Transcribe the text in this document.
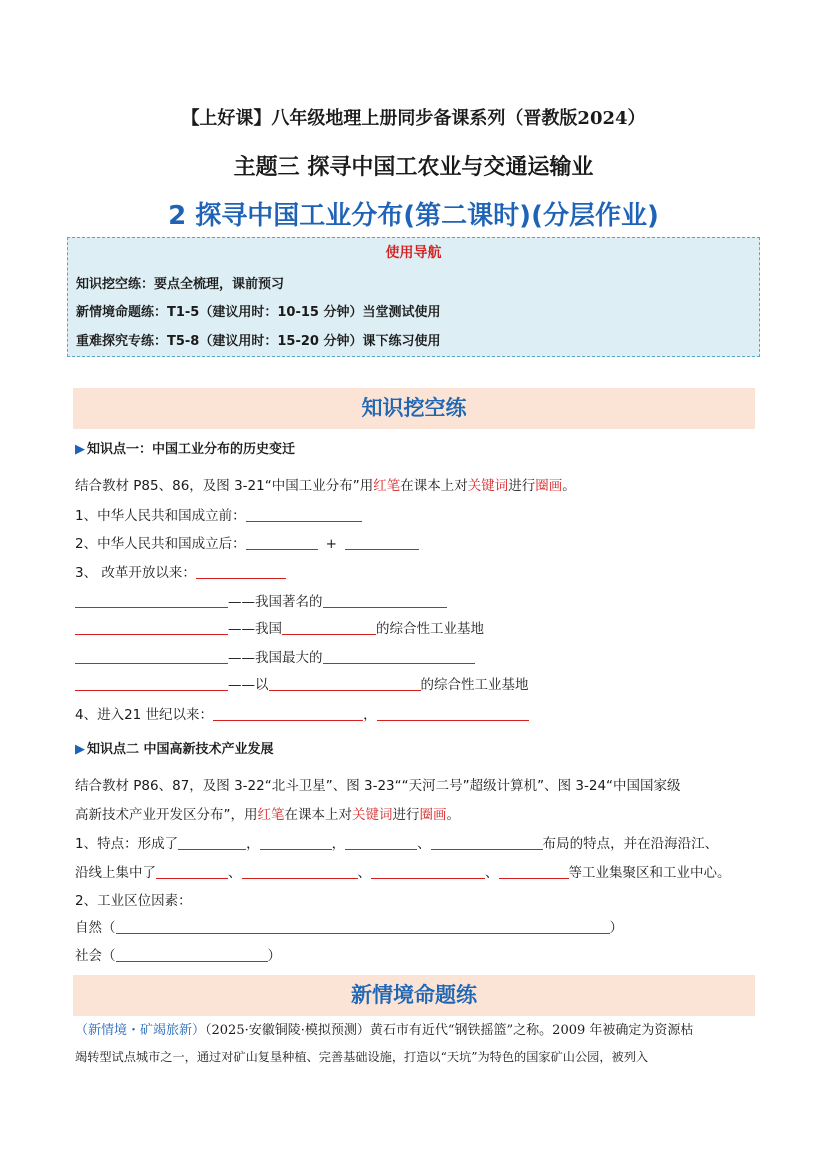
【上好课】八年级地理上册同步备课系列（晋教版2024）
主题三 探寻中国工农业与交通运输业
2 探寻中国工业分布(第二课时)(分层作业)
使用导航
知识挖空练：要点全梳理，课前预习
新情境命题练：T1-5（建议用时：10-15 分钟）当堂测试使用
重难探究专练：T5-8（建议用时：15-20 分钟）课下练习使用
知识挖空练
▶ 知识点一：中国工业分布的历史变迁
结合教材 P85、86，及图 3-21“中国工业分布”用红笔在课本上对关键词进行圈画。
1、中华人民共和国成立前：
2、中华人民共和国成立后：	+
3、 改革开放以来：
——我国著名的
——我国	的综合性工业基地
——我国最大的
——以	的综合性工业基地
4、进入21 世纪以来：	，
▶ 知识点二 中国高新技术产业发展
结合教材 P86、87，及图 3-22“北斗卫星”、图 3-23““天河二号”超级计算机”、图 3-24“中国国家级
高新技术产业开发区分布”，用红笔在课本上对关键词进行圈画。
1、特点：形成了	，	，	、	布局的特点，并在沿海沿江、
沿线上集中了	、	、	、	等工业集聚区和工业中心。
2、工业区位因素：
自然（	）
社会（	）
新情境命题练
（新情境・矿竭旅新）（2025·安徽铜陵·模拟预测）黄石市有近代“钢铁摇篮”之称。2009 年被确定为资源枯
竭转型试点城市之一，通过对矿山复垦种植、完善基础设施，打造以“天坑”为特色的国家矿山公园，被列入
